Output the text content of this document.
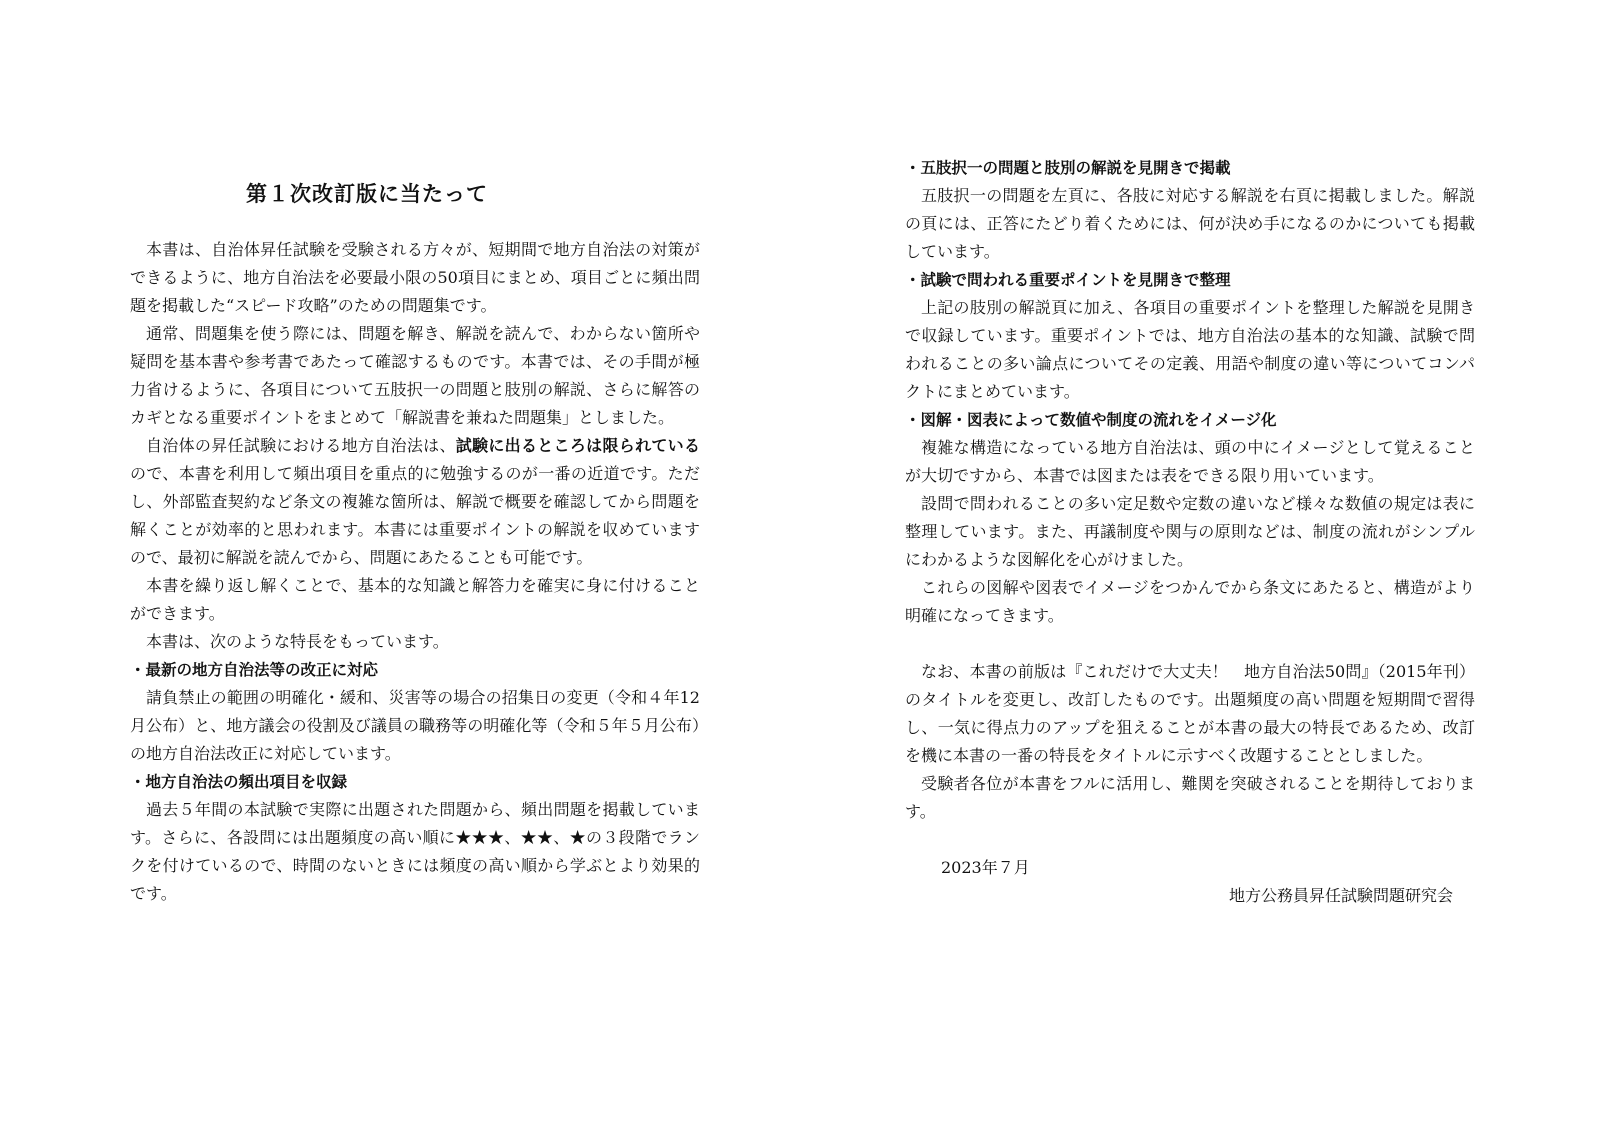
第１次改訂版に当たって

本書は、自治体昇任試験を受験される方々が、短期間で地方自治法の対策ができるように、地方自治法を必要最小限の50項目にまとめ、項目ごとに頻出問題を掲載した“スピード攻略”のための問題集です。

通常、問題集を使う際には、問題を解き、解説を読んで、わからない箇所や疑問を基本書や参考書であたって確認するものです。本書では、その手間が極力省けるように、各項目について五肢択一の問題と肢別の解説、さらに解答のカギとなる重要ポイントをまとめて「解説書を兼ねた問題集」としました。

自治体の昇任試験における地方自治法は、試験に出るところは限られているので、本書を利用して頻出項目を重点的に勉強するのが一番の近道です。ただし、外部監査契約など条文の複雑な箇所は、解説で概要を確認してから問題を解くことが効率的と思われます。本書には重要ポイントの解説を収めていますので、最初に解説を読んでから、問題にあたることも可能です。

本書を繰り返し解くことで、基本的な知識と解答力を確実に身に付けることができます。

本書は、次のような特長をもっています。

・最新の地方自治法等の改正に対応

請負禁止の範囲の明確化・緩和、災害等の場合の招集日の変更（令和４年12月公布）と、地方議会の役割及び議員の職務等の明確化等（令和５年５月公布）の地方自治法改正に対応しています。

・地方自治法の頻出項目を収録

過去５年間の本試験で実際に出題された問題から、頻出問題を掲載しています。さらに、各設問には出題頻度の高い順に★★★、★★、★の３段階でランクを付けているので、時間のないときには頻度の高い順から学ぶとより効果的です。

・五肢択一の問題と肢別の解説を見開きで掲載

五肢択一の問題を左頁に、各肢に対応する解説を右頁に掲載しました。解説の頁には、正答にたどり着くためには、何が決め手になるのかについても掲載しています。

・試験で問われる重要ポイントを見開きで整理

上記の肢別の解説頁に加え、各項目の重要ポイントを整理した解説を見開きで収録しています。重要ポイントでは、地方自治法の基本的な知識、試験で問われることの多い論点についてその定義、用語や制度の違い等についてコンパクトにまとめています。

・図解・図表によって数値や制度の流れをイメージ化

複雑な構造になっている地方自治法は、頭の中にイメージとして覚えることが大切ですから、本書では図または表をできる限り用いています。

設問で問われることの多い定足数や定数の違いなど様々な数値の規定は表に整理しています。また、再議制度や関与の原則などは、制度の流れがシンプルにわかるような図解化を心がけました。

これらの図解や図表でイメージをつかんでから条文にあたると、構造がより明確になってきます。

なお、本書の前版は『これだけで大丈夫！　地方自治法50問』（2015年刊）のタイトルを変更し、改訂したものです。出題頻度の高い問題を短期間で習得し、一気に得点力のアップを狙えることが本書の最大の特長であるため、改訂を機に本書の一番の特長をタイトルに示すべく改題することとしました。

受験者各位が本書をフルに活用し、難関を突破されることを期待しております。

2023年７月

地方公務員昇任試験問題研究会
